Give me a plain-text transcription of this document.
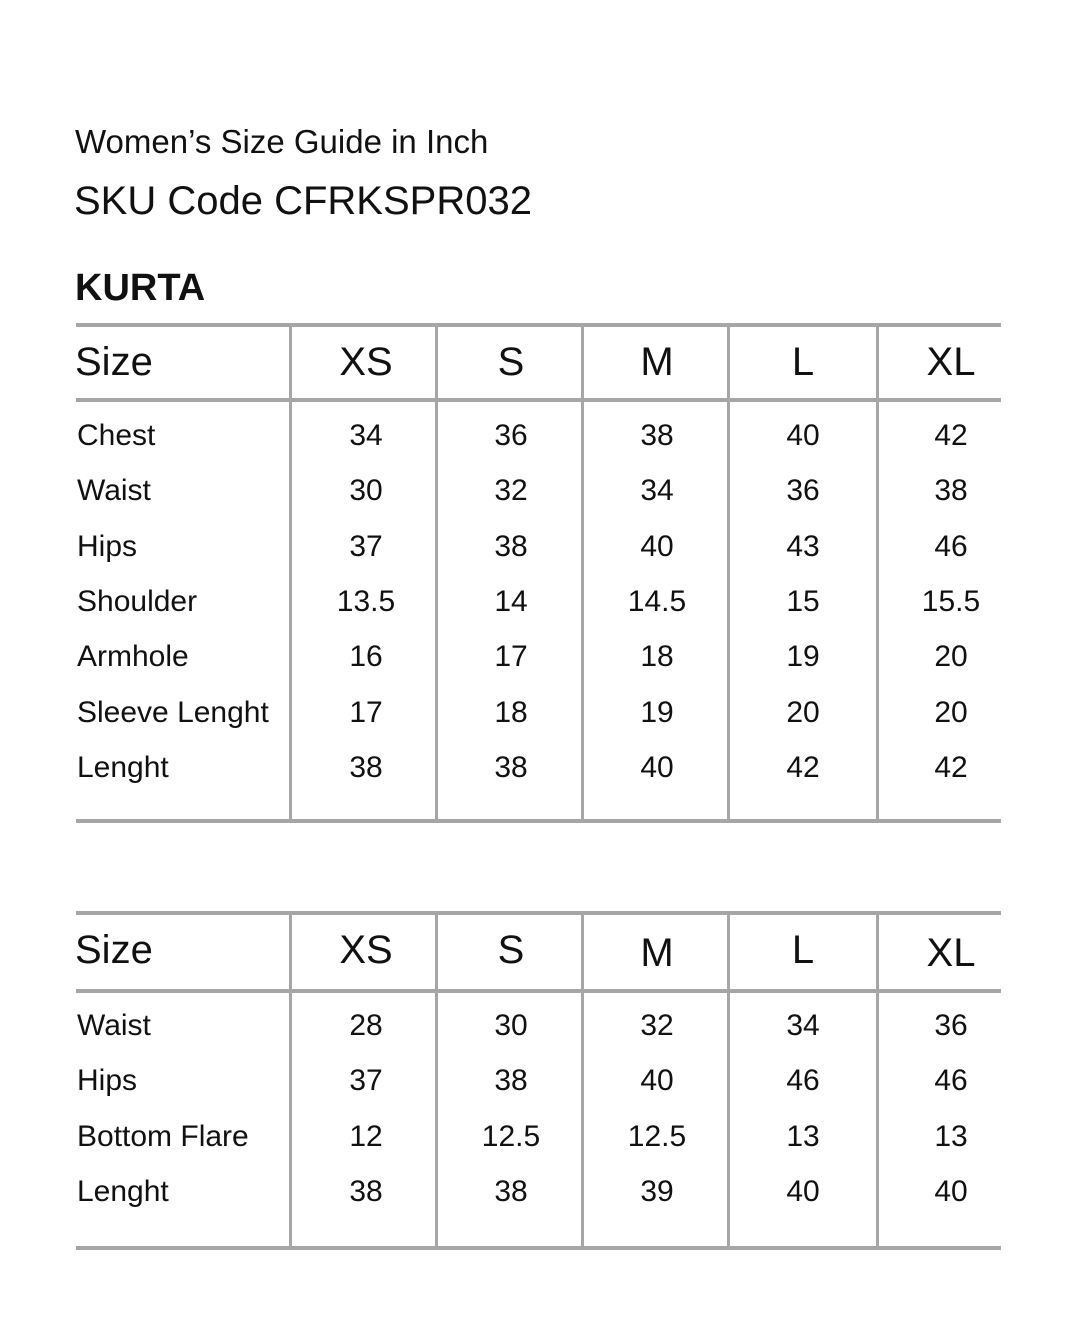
Women’s Size Guide in Inch
SKU Code CFRKSPR032
KURTA
Size	XS	S	M	L	XL
Chest	34	36	38	40	42
Waist	30	32	34	36	38
Hips	37	38	40	43	46
Shoulder	13.5	14	14.5	15	15.5
Armhole	16	17	18	19	20
Sleeve Lenght	17	18	19	20	20
Lenght	38	38	40	42	42
Size	XS	S	M	L	XL
Waist	28	30	32	34	36
Hips	37	38	40	46	46
Bottom Flare	12	12.5	12.5	13	13
Lenght	38	38	39	40	40
